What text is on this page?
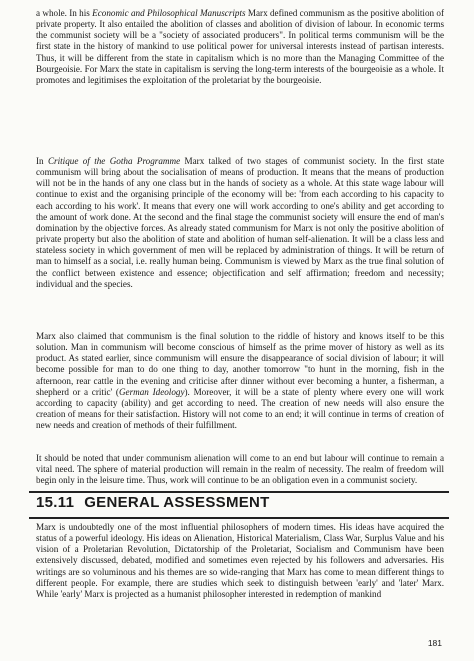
a whole. In his Economic and Philosophical Manuscripts Marx defined communism as the positive abolition of private property. It also entailed the abolition of classes and abolition of division of labour. In economic terms the communist society will be a "society of associated producers". In political terms communism will be the first state in the history of mankind to use political power for universal interests instead of partisan interests. Thus, it will be different from the state in capitalism which is no more than the Managing Committee of the Bourgeoisie. For Marx the state in capitalism is serving the long-term interests of the bourgeoisie as a whole. It promotes and legitimises the exploitation of the proletariat by the bourgeoisie.

In Critique of the Gotha Programme Marx talked of two stages of communist society. In the first state communism will bring about the socialisation of means of production. It means that the means of production will not be in the hands of any one class but in the hands of society as a whole. At this state wage labour will continue to exist and the organising principle of the economy will be: 'from each according to his capacity to each according to his work'. It means that every one will work according to one's ability and get according to the amount of work done. At the second and the final stage the communist society will ensure the end of man's domination by the objective forces. As already stated communism for Marx is not only the positive abolition of private property but also the abolition of state and abolition of human self-alienation. It will be a class less and stateless society in which government of men will be replaced by administration of things. It will be return of man to himself as a social, i.e. really human being. Communism is viewed by Marx as the true final solution of the conflict between existence and essence; objectification and self affirmation; freedom and necessity; individual and the species.

Marx also claimed that communism is the final solution to the riddle of history and knows itself to be this solution. Man in communism will become conscious of himself as the prime mover of history as well as its product. As stated earlier, since communism will ensure the disappearance of social division of labour; it will become possible for man to do one thing to day, another tomorrow "to hunt in the morning, fish in the afternoon, rear cattle in the evening and criticise after dinner without ever becoming a hunter, a fisherman, a shepherd or a critic' (German Ideology). Moreover, it will be a state of plenty where every one will work according to capacity (ability) and get according to need. The creation of new needs will also ensure the creation of means for their satisfaction. History will not come to an end; it will continue in terms of creation of new needs and creation of methods of their fulfillment.

It should be noted that under communism alienation will come to an end but labour will continue to remain a vital need. The sphere of material production will remain in the realm of necessity. The realm of freedom will begin only in the leisure time. Thus, work will continue to be an obligation even in a communist society.

15.11 GENERAL ASSESSMENT

Marx is undoubtedly one of the most influential philosophers of modern times. His ideas have acquired the status of a powerful ideology. His ideas on Alienation, Historical Materialism, Class War, Surplus Value and his vision of a Proletarian Revolution, Dictatorship of the Proletariat, Socialism and Communism have been extensively discussed, debated, modified and sometimes even rejected by his followers and adversaries. His writings are so voluminous and his themes are so wide-ranging that Marx has come to mean different things to different people. For example, there are studies which seek to distinguish between 'early' and 'later' Marx. While 'early' Marx is projected as a humanist philosopher interested in redemption of mankind

181
